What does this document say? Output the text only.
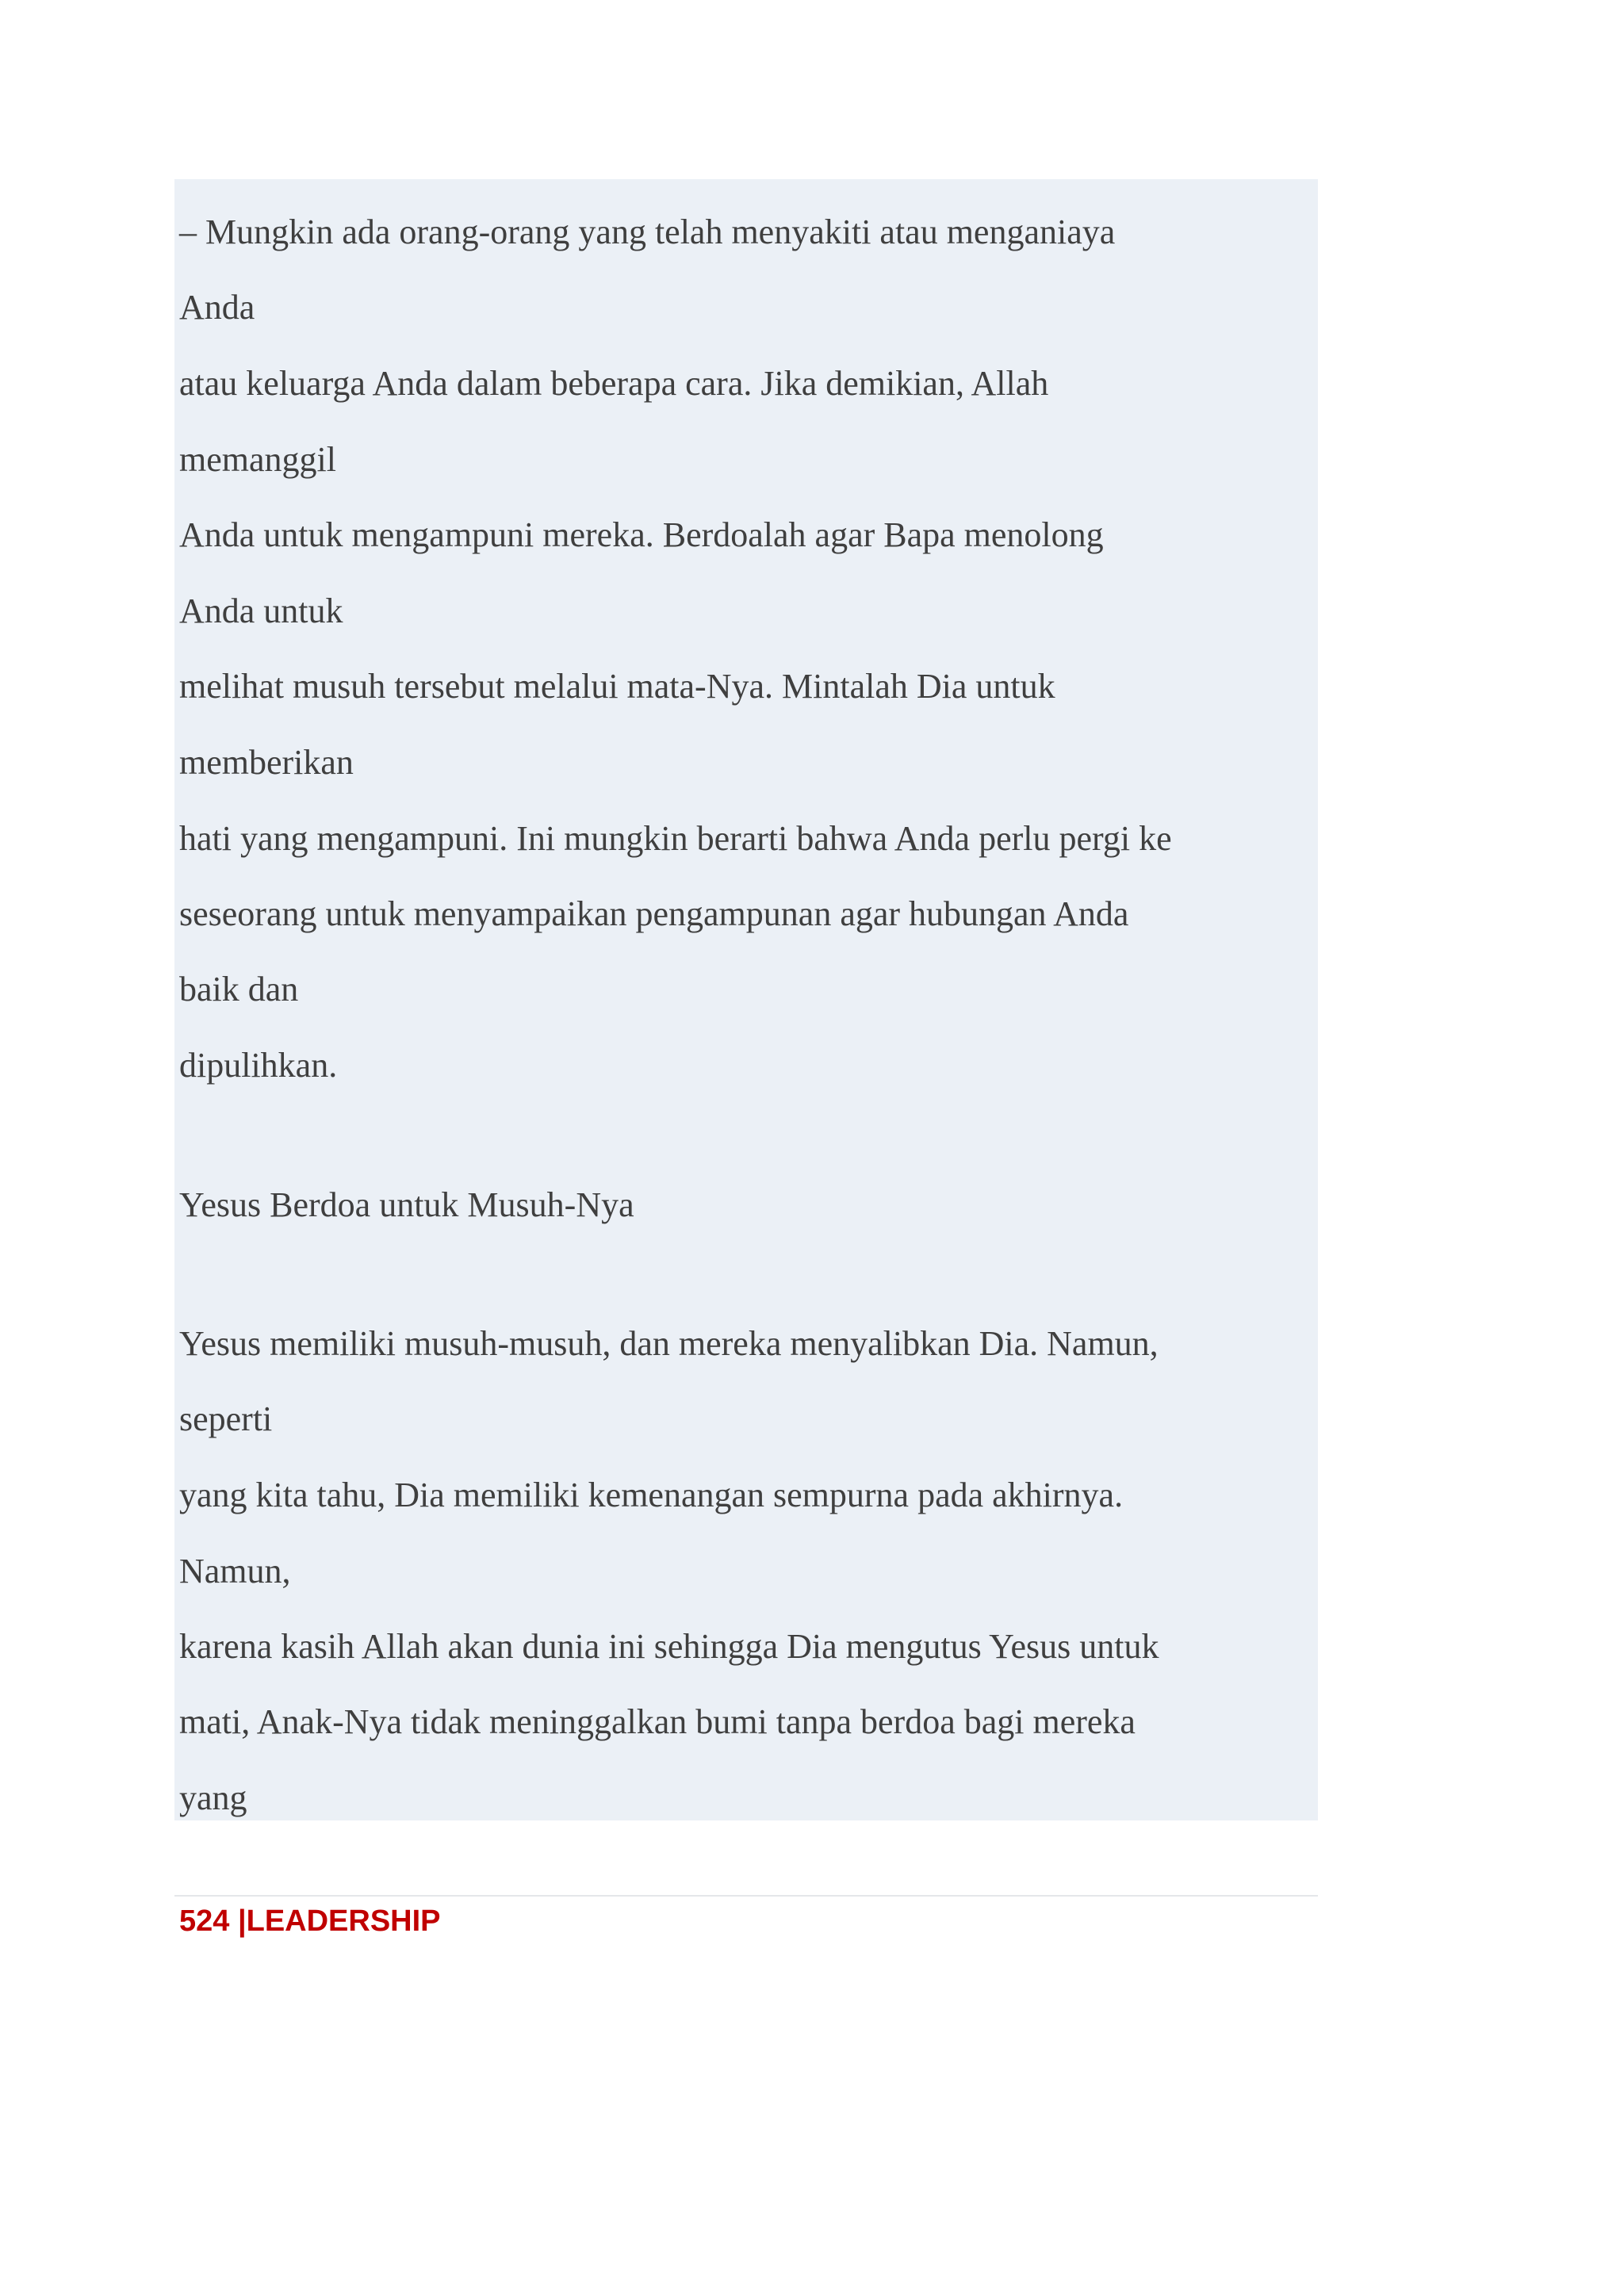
– Mungkin ada orang-orang yang telah menyakiti atau menganiaya
Anda
atau keluarga Anda dalam beberapa cara. Jika demikian, Allah
memanggil
Anda untuk mengampuni mereka. Berdoalah agar Bapa menolong
Anda untuk
melihat musuh tersebut melalui mata-Nya. Mintalah Dia untuk
memberikan
hati yang mengampuni. Ini mungkin berarti bahwa Anda perlu pergi ke
seseorang untuk menyampaikan pengampunan agar hubungan Anda
baik dan
dipulihkan.
Yesus Berdoa untuk Musuh-Nya
Yesus memiliki musuh-musuh, dan mereka menyalibkan Dia. Namun,
seperti
yang kita tahu, Dia memiliki kemenangan sempurna pada akhirnya.
Namun,
karena kasih Allah akan dunia ini sehingga Dia mengutus Yesus untuk
mati, Anak-Nya tidak meninggalkan bumi tanpa berdoa bagi mereka
yang
524 |LEADERSHIP
